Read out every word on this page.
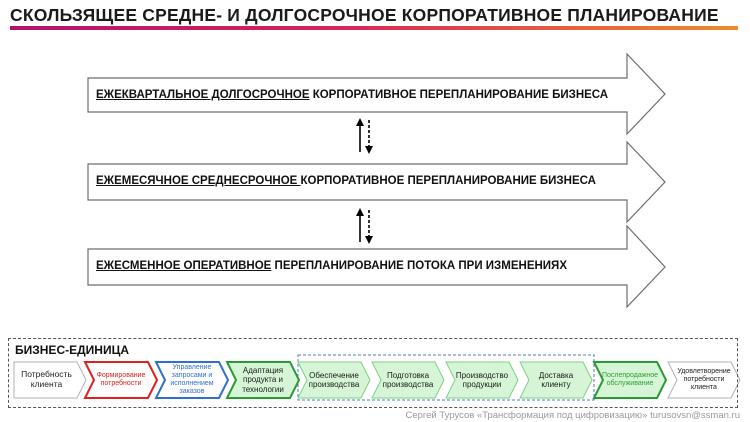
СКОЛЬЗЯЩЕЕ СРЕДНЕ- И ДОЛГОСРОЧНОЕ КОРПОРАТИВНОЕ ПЛАНИРОВАНИЕ
ЕЖЕКВАРТАЛЬНОЕ ДОЛГОСРОЧНОЕ КОРПОРАТИВНОЕ ПЕРЕПЛАНИРОВАНИЕ БИЗНЕСА
ЕЖЕМЕСЯЧНОЕ СРЕДНЕСРОЧНОЕ КОРПОРАТИВНОЕ ПЕРЕПЛАНИРОВАНИЕ БИЗНЕСА
ЕЖЕСМЕННОЕ ОПЕРАТИВНОЕ ПЕРЕПЛАНИРОВАНИЕ ПОТОКА ПРИ ИЗМЕНЕНИЯХ
БИЗНЕС-ЕДИНИЦА
Потребность клиента
Формирование потребности
Управление запросами и исполнением заказов
Адаптация продукта и технологии
Обеспечение производства
Подготовка производства
Производство продукции
Доставка клиенту
Послепродажное обслуживание
Удовлетворение потребности клиента
Сергей Турусов «Трансформация под цифровизацию» turusovsn@ssman.ru
